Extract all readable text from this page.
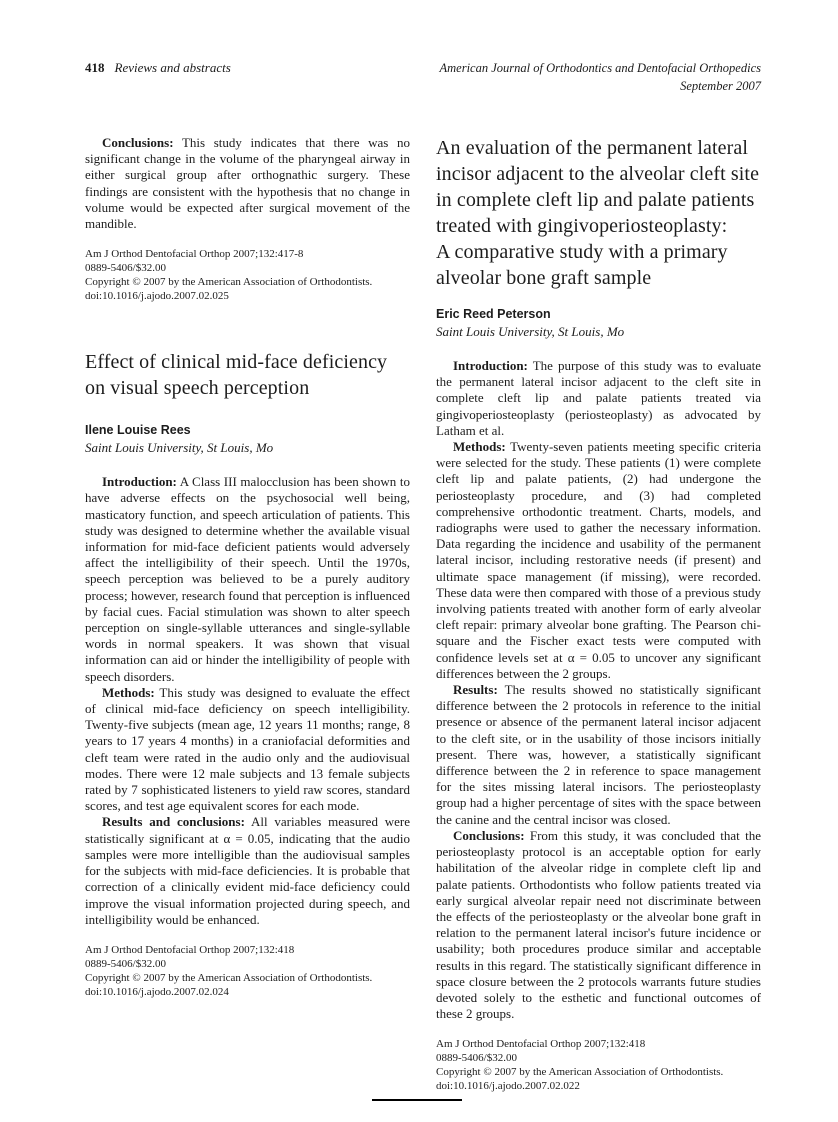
418 Reviews and abstracts	American Journal of Orthodontics and Dentofacial Orthopedics
September 2007

Conclusions: This study indicates that there was no significant change in the volume of the pharyngeal airway in either surgical group after orthognathic surgery. These findings are consistent with the hypothesis that no change in volume would be expected after surgical movement of the mandible.

Am J Orthod Dentofacial Orthop 2007;132:417-8
0889-5406/$32.00
Copyright © 2007 by the American Association of Orthodontists.
doi:10.1016/j.ajodo.2007.02.025
Effect of clinical mid-face deficiency on visual speech perception
Ilene Louise Rees
Saint Louis University, St Louis, Mo

Introduction: A Class III malocclusion has been shown to have adverse effects on the psychosocial well being, masticatory function, and speech articulation of patients. This study was designed to determine whether the available visual information for mid-face deficient patients would adversely affect the intelligibility of their speech. Until the 1970s, speech perception was believed to be a purely auditory process; however, research found that perception is influenced by facial cues. Facial stimulation was shown to alter speech perception on single-syllable utterances and single-syllable words in normal speakers. It was shown that visual information can aid or hinder the intelligibility of people with speech disorders.

Methods: This study was designed to evaluate the effect of clinical mid-face deficiency on speech intelligibility. Twenty-five subjects (mean age, 12 years 11 months; range, 8 years to 17 years 4 months) in a craniofacial deformities and cleft team were rated in the audio only and the audiovisual modes. There were 12 male subjects and 13 female subjects rated by 7 sophisticated listeners to yield raw scores, standard scores, and test age equivalent scores for each mode.

Results and conclusions: All variables measured were statistically significant at α = 0.05, indicating that the audio samples were more intelligible than the audiovisual samples for the subjects with mid-face deficiencies. It is probable that correction of a clinically evident mid-face deficiency could improve the visual information projected during speech, and intelligibility would be enhanced.

Am J Orthod Dentofacial Orthop 2007;132:418
0889-5406/$32.00
Copyright © 2007 by the American Association of Orthodontists.
doi:10.1016/j.ajodo.2007.02.024
An evaluation of the permanent lateral incisor adjacent to the alveolar cleft site in complete cleft lip and palate patients treated with gingivoperiosteoplasty:
A comparative study with a primary alveolar bone graft sample
Eric Reed Peterson
Saint Louis University, St Louis, Mo

Introduction: The purpose of this study was to evaluate the permanent lateral incisor adjacent to the cleft site in complete cleft lip and palate patients treated via gingivoperiosteoplasty (periosteoplasty) as advocated by Latham et al.

Methods: Twenty-seven patients meeting specific criteria were selected for the study. These patients (1) were complete cleft lip and palate patients, (2) had undergone the periosteoplasty procedure, and (3) had completed comprehensive orthodontic treatment. Charts, models, and radiographs were used to gather the necessary information. Data regarding the incidence and usability of the permanent lateral incisor, including restorative needs (if present) and ultimate space management (if missing), were recorded. These data were then compared with those of a previous study involving patients treated with another form of early alveolar cleft repair: primary alveolar bone grafting. The Pearson chi-square and the Fischer exact tests were computed with confidence levels set at α = 0.05 to uncover any significant differences between the 2 groups.

Results: The results showed no statistically significant difference between the 2 protocols in reference to the initial presence or absence of the permanent lateral incisor adjacent to the cleft site, or in the usability of those incisors initially present. There was, however, a statistically significant difference between the 2 in reference to space management for the sites missing lateral incisors. The periosteoplasty group had a higher percentage of sites with the space between the canine and the central incisor was closed.

Conclusions: From this study, it was concluded that the periosteoplasty protocol is an acceptable option for early habilitation of the alveolar ridge in complete cleft lip and palate patients. Orthodontists who follow patients treated via early surgical alveolar repair need not discriminate between the effects of the periosteoplasty or the alveolar bone graft in relation to the permanent lateral incisor's future incidence or usability; both procedures produce similar and acceptable results in this regard. The statistically significant difference in space closure between the 2 protocols warrants future studies devoted solely to the esthetic and functional outcomes of these 2 groups.

Am J Orthod Dentofacial Orthop 2007;132:418
0889-5406/$32.00
Copyright © 2007 by the American Association of Orthodontists.
doi:10.1016/j.ajodo.2007.02.022
